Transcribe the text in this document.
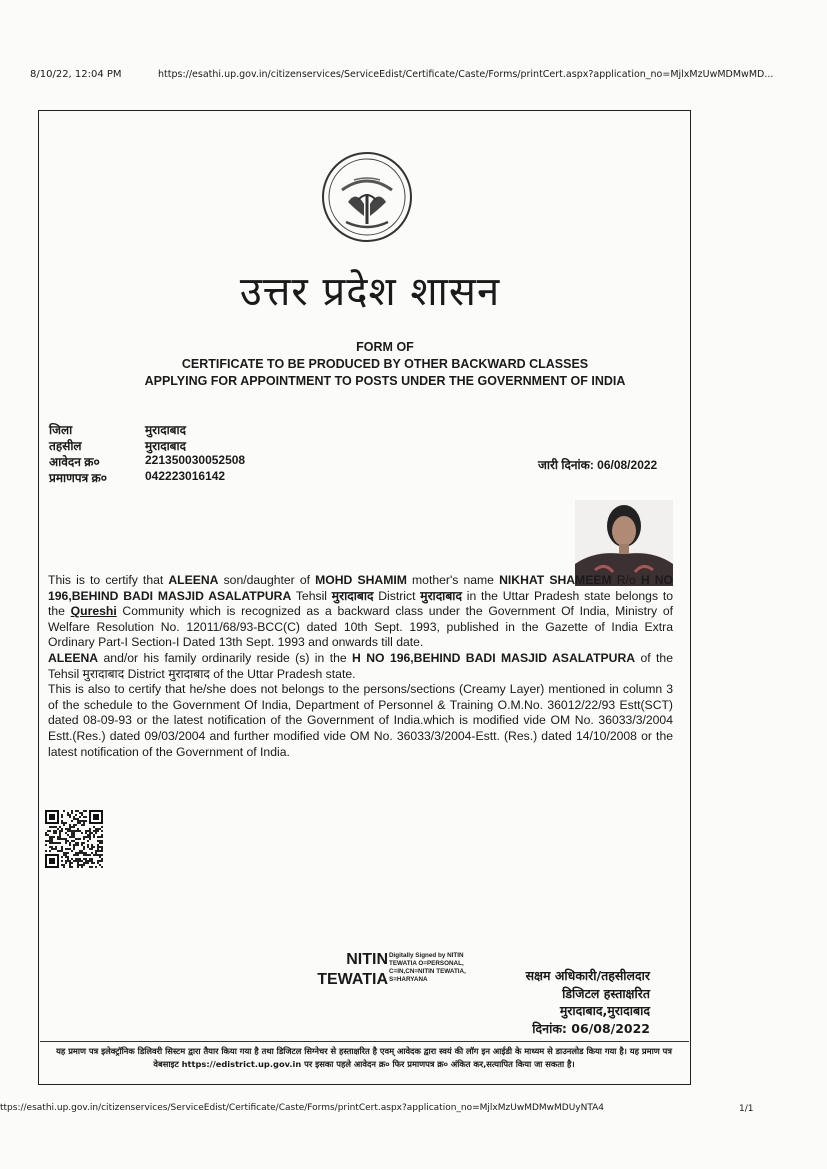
8/10/22, 12:04 PM	https://esathi.up.gov.in/citizenservices/ServiceEdist/Certificate/Caste/Forms/printCert.aspx?application_no=MjlxMzUwMDMwMD...
उत्तर प्रदेश शासन
FORM OF
CERTIFICATE TO BE PRODUCED BY OTHER BACKWARD CLASSES
APPLYING FOR APPOINTMENT TO POSTS UNDER THE GOVERNMENT OF INDIA
जिला	मुरादाबाद
तहसील	मुरादाबाद
आवेदन क्र०	221350030052508
प्रमाणपत्र क्र०	042223016142
जारी दिनांक: 06/08/2022

This is to certify that ALEENA son/daughter of MOHD SHAMIM mother's name NIKHAT SHAMEEM R/o H NO 196,BEHIND BADI MASJID ASALATPURA Tehsil मुरादाबाद District मुरादाबाद in the Uttar Pradesh state belongs to the Qureshi Community which is recognized as a backward class under the Government Of India, Ministry of Welfare Resolution No. 12011/68/93-BCC(C) dated 10th Sept. 1993, published in the Gazette of India Extra Ordinary Part-I Section-I Dated 13th Sept. 1993 and onwards till date.

ALEENA and/or his family ordinarily reside (s) in the H NO 196,BEHIND BADI MASJID ASALATPURA of the Tehsil मुरादाबाद District मुरादाबाद of the Uttar Pradesh state.

This is also to certify that he/she does not belongs to the persons/sections (Creamy Layer) mentioned in column 3 of the schedule to the Government Of India, Department of Personnel & Training O.M.No. 36012/22/93 Estt(SCT) dated 08-09-93 or the latest notification of the Government of India.which is modified vide OM No. 36033/3/2004 Estt.(Res.) dated 09/03/2004 and further modified vide OM No. 36033/3/2004-Estt. (Res.) dated 14/10/2008 or the latest notification of the Government of India.

NITIN
TEWATIA
Digitally Signed by NITIN TEWATIA O=PERSONAL, C=IN,CN=NITIN TEWATIA, S=HARYANA	सक्षम अधिकारी/तहसीलदार
डिजिटल हस्ताक्षरित
मुरादाबाद,मुरादाबाद
दिनांक: 06/08/2022
यह प्रमाण पत्र इलेक्ट्रॉनिक डिलिवरी सिस्टम द्वारा तैयार किया गया है तथा डिजिटल सिग्नेचर से हस्ताक्षरित है एवम् आवेदक द्वारा स्वयं की लॉग इन आई‍डी के माध्यम से डाउनलोड किया गया है। यह प्रमाण पत्र वेबसाइट https://edistrict.up.gov.in पर इसका पहले आवेदन क्र० फिर प्रमाणपत्र क्र० अंकित कर,सत्यापित किया जा सकता है।
ttps://esathi.up.gov.in/citizenservices/ServiceEdist/Certificate/Caste/Forms/printCert.aspx?application_no=MjlxMzUwMDMwMDUyNTA4	1/1
